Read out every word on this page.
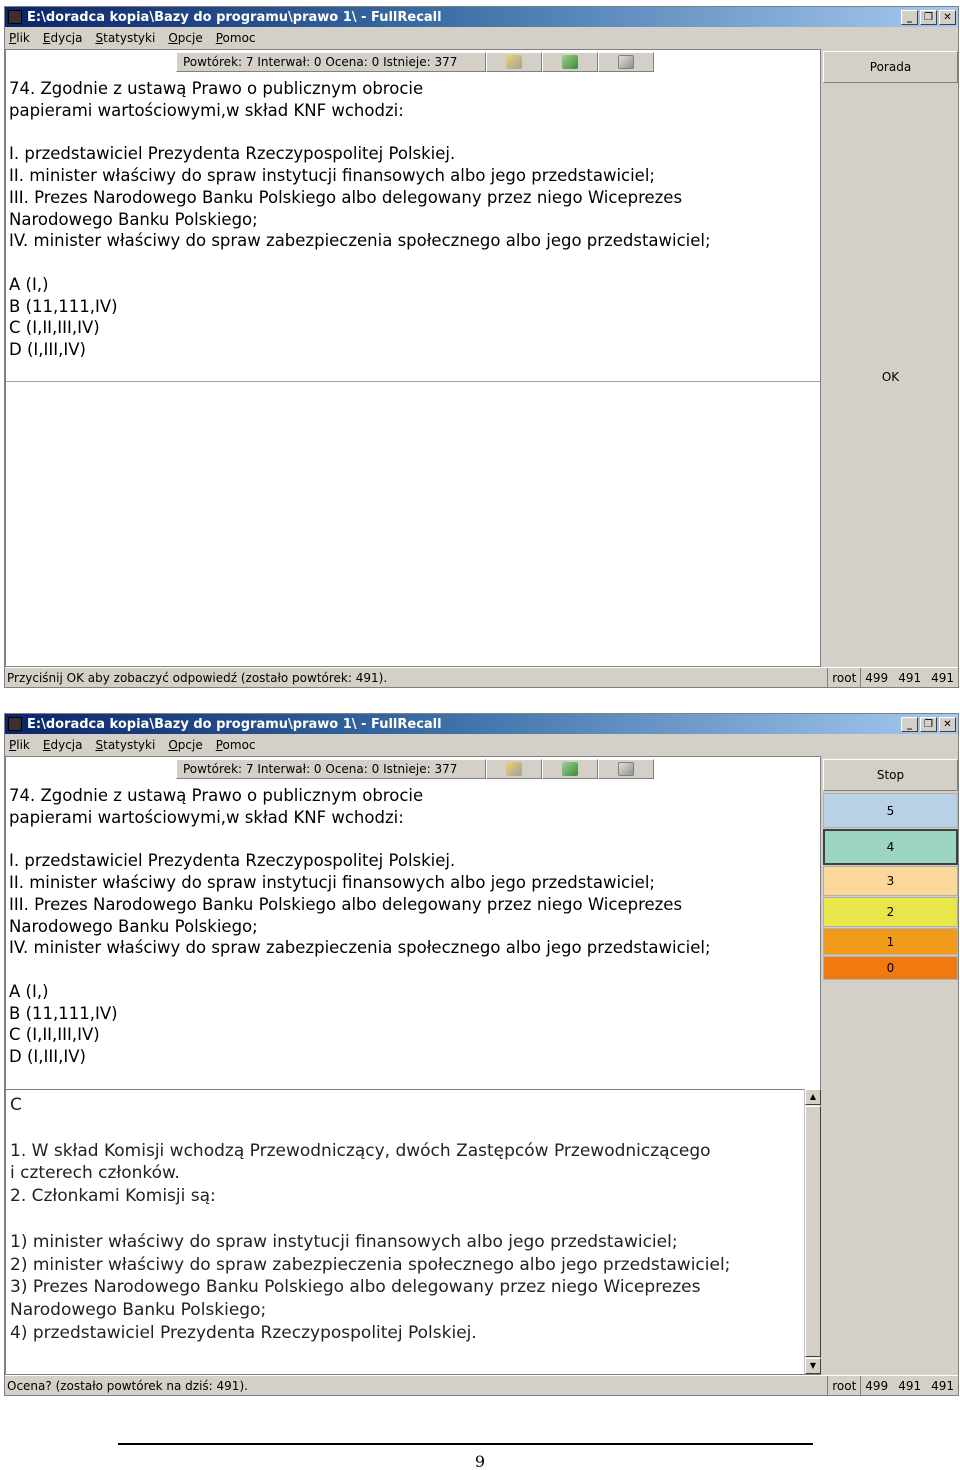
E:\doradca kopia\Bazy do programu\prawo 1\ - FullRecall	_	❐	✕
Plik Edycja Statystyki Opcje Pomoc
Powtórek: 7 Interwał: 0 Ocena: 0 Istnieje: 377
74. Zgodnie z ustawą Prawo o publicznym obrocie
papierami wartościowymi,w skład KNF wchodzi:
I. przedstawiciel Prezydenta Rzeczypospolitej Polskiej.
II. minister właściwy do spraw instytucji finansowych albo jego przedstawiciel;
III. Prezes Narodowego Banku Polskiego albo delegowany przez niego Wiceprezes
Narodowego Banku Polskiego;
IV. minister właściwy do spraw zabezpieczenia społecznego albo jego przedstawiciel;
A (I,)
B (11,111,IV)
C (I,II,III,IV)
D (I,III,IV)
Porada
OK
Przyciśnij OK aby zobaczyć odpowiedź (zostało powtórek: 491).	root 499 491 491
E:\doradca kopia\Bazy do programu\prawo 1\ - FullRecall	_	❐	✕
Plik Edycja Statystyki Opcje Pomoc
Powtórek: 7 Interwał: 0 Ocena: 0 Istnieje: 377
74. Zgodnie z ustawą Prawo o publicznym obrocie
papierami wartościowymi,w skład KNF wchodzi:
I. przedstawiciel Prezydenta Rzeczypospolitej Polskiej.
II. minister właściwy do spraw instytucji finansowych albo jego przedstawiciel;
III. Prezes Narodowego Banku Polskiego albo delegowany przez niego Wiceprezes
Narodowego Banku Polskiego;
IV. minister właściwy do spraw zabezpieczenia społecznego albo jego przedstawiciel;
A (I,)
B (11,111,IV)
C (I,II,III,IV)
D (I,III,IV)
C

1. W skład Komisji wchodzą Przewodniczący, dwóch Zastępców Przewodniczącego
i czterech członków.
2. Członkami Komisji są:

1) minister właściwy do spraw instytucji finansowych albo jego przedstawiciel;
2) minister właściwy do spraw zabezpieczenia społecznego albo jego przedstawiciel;
3) Prezes Narodowego Banku Polskiego albo delegowany przez niego Wiceprezes
Narodowego Banku Polskiego;
4) przedstawiciel Prezydenta Rzeczypospolitej Polskiej.
▲
▼
Stop
5
4
3
2
1
0
Ocena? (zostało powtórek na dziś: 491).	root 499 491 491
9
